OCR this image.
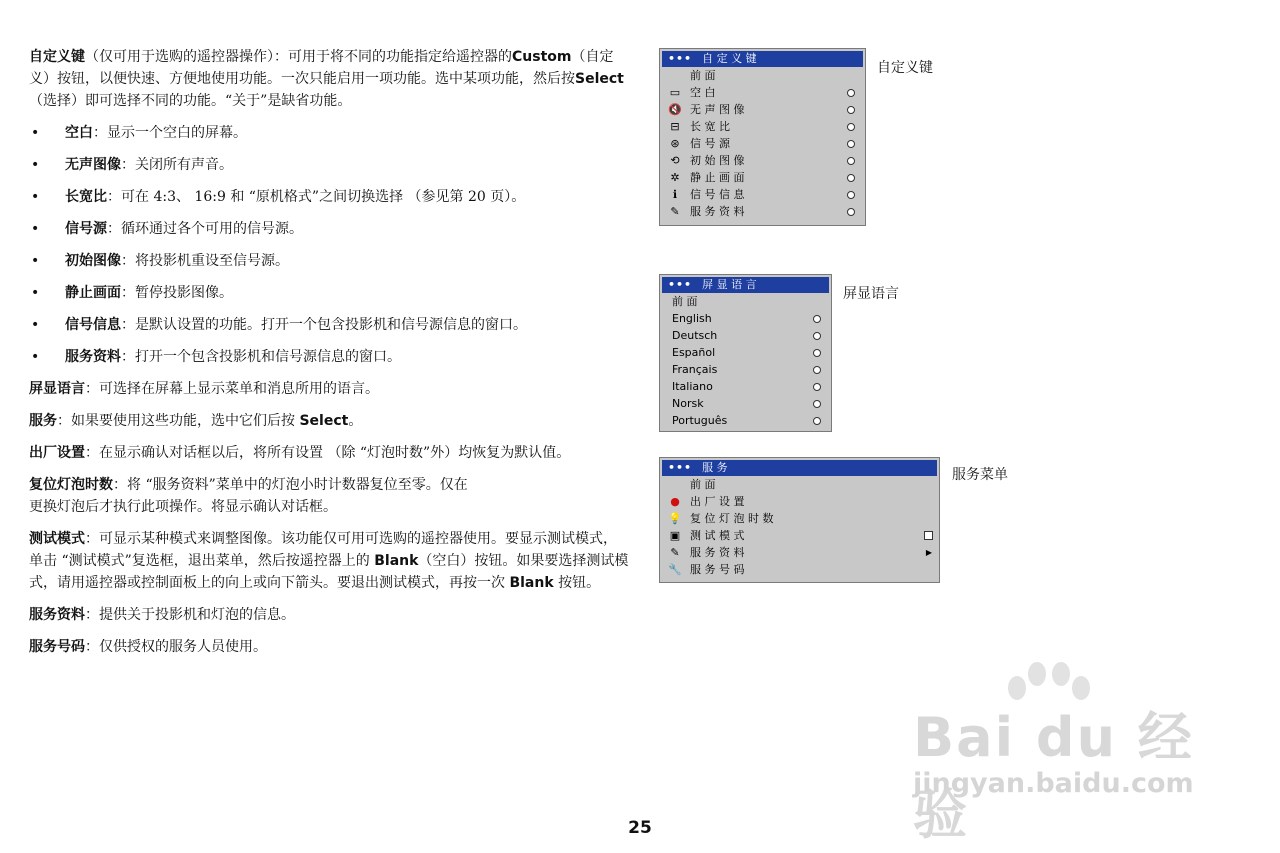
自定义键（仅可用于选购的遥控器操作）：可用于将不同的功能指定给遥控器的Custom（自定义）按钮，以便快速、方便地使用功能。一次只能启用一项功能。选中某项功能，然后按Select（选择）即可选择不同的功能。“关于”是缺省功能。

• 空白：显示一个空白的屏幕。
• 无声图像：关闭所有声音。
• 长宽比：可在 4:3、 16:9 和 “原机格式”之间切换选择 （参见第 20 页）。
• 信号源：循环通过各个可用的信号源。
• 初始图像：将投影机重设至信号源。
• 静止画面：暂停投影图像。
• 信号信息：是默认设置的功能。打开一个包含投影机和信号源信息的窗口。
• 服务资料：打开一个包含投影机和信号源信息的窗口。

屏显语言：可选择在屏幕上显示菜单和消息所用的语言。

服务：如果要使用这些功能，选中它们后按 Select。

出厂设置：在显示确认对话框以后，将所有设置 （除 “灯泡时数”外）均恢复为默认值。

复位灯泡时数：将 “服务资料”菜单中的灯泡小时计数器复位至零。仅在
更换灯泡后才执行此项操作。将显示确认对话框。

测试模式：可显示某种模式来调整图像。该功能仅可用可选购的遥控器使用。要显示测试模式，单击 “测试模式”复选框，退出菜单，然后按遥控器上的 Blank（空白）按钮。如果要选择测试模式，请用遥控器或控制面板上的向上或向下箭头。要退出测试模式，再按一次 Blank 按钮。

服务资料：提供关于投影机和灯泡的信息。

服务号码：仅供授权的服务人员使用。

••• 自 定 义 键
前 面
▭ 空 白
🔇 无 声 图 像
⊟ 长 宽 比
⊛ 信 号 源
⟲ 初 始 图 像
✲ 静 止 画 面
ℹ	信 号 信 息
✎ 服 务 资 料
自定义键
••• 屏 显 语 言
前 面
English
Deutsch
Español
Français
Italiano
Norsk
Português
屏显语言
••• 服 务
前 面
● 出 厂 设 置
💡 复 位 灯 泡 时 数
▣ 测 试 模 式
✎ 服 务 资 料	▶
🔧 服 务 号 码
服务菜单
Bai du 经验
jingyan.baidu.com
25
